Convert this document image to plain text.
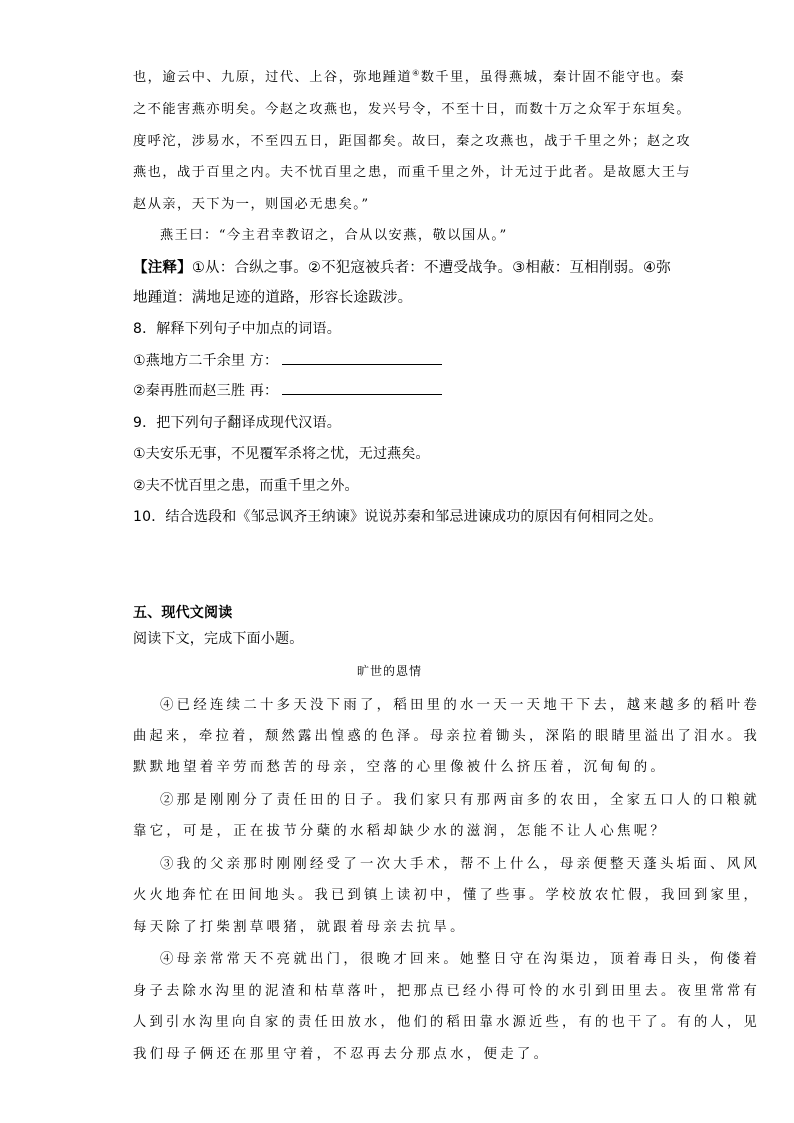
也，逾云中、九原，过代、上谷，弥地踵道④数千里，虽得燕城，秦计固不能守也。秦
之不能害燕亦明矣。今赵之攻燕也，发兴号令，不至十日，而数十万之众军于东垣矣。
度呼沱，涉易水，不至四五日，距国都矣。故曰，秦之攻燕也，战于千里之外；赵之攻
燕也，战于百里之内。夫不忧百里之患，而重千里之外，计无过于此者。是故愿大王与
赵从亲，天下为一，则国必无患矣。”
燕王曰：“今主君幸教诏之，合从以安燕，敬以国从。”
【注释】①从：合纵之事。②不犯寇被兵者：不遭受战争。③相蔽：互相削弱。④弥
地踵道：满地足迹的道路，形容长途跋涉。
8．解释下列句子中加点的词语。
①燕地方二千余里 方：
②秦再胜而赵三胜 再：
9．把下列句子翻译成现代汉语。
①夫安乐无事，不见覆军杀将之忧，无过燕矣。
②夫不忧百里之患，而重千里之外。
10．结合选段和《邹忌讽齐王纳谏》说说苏秦和邹忌进谏成功的原因有何相同之处。
五、现代文阅读
阅读下文，完成下面小题。
旷世的恩情
④已经连续二十多天没下雨了，稻田里的水一天一天地干下去，越来越多的稻叶卷
曲起来，牵拉着，颓然露出惶惑的色泽。母亲拉着锄头，深陷的眼睛里溢出了泪水。我
默默地望着辛劳而愁苦的母亲，空落的心里像被什么挤压着，沉甸甸的。
②那是刚刚分了责任田的日子。我们家只有那两亩多的农田，全家五口人的口粮就
靠它，可是，正在拔节分蘖的水稻却缺少水的滋润，怎能不让人心焦呢？
③我的父亲那时刚刚经受了一次大手术，帮不上什么，母亲便整天蓬头垢面、风风
火火地奔忙在田间地头。我已到镇上读初中，懂了些事。学校放农忙假，我回到家里，
每天除了打柴割草喂猪，就跟着母亲去抗旱。
④母亲常常天不亮就出门，很晚才回来。她整日守在沟渠边，顶着毒日头，佝偻着
身子去除水沟里的泥渣和枯草落叶，把那点已经小得可怜的水引到田里去。夜里常常有
人到引水沟里向自家的责任田放水，他们的稻田靠水源近些，有的也干了。有的人，见
我们母子俩还在那里守着，不忍再去分那点水，便走了。
